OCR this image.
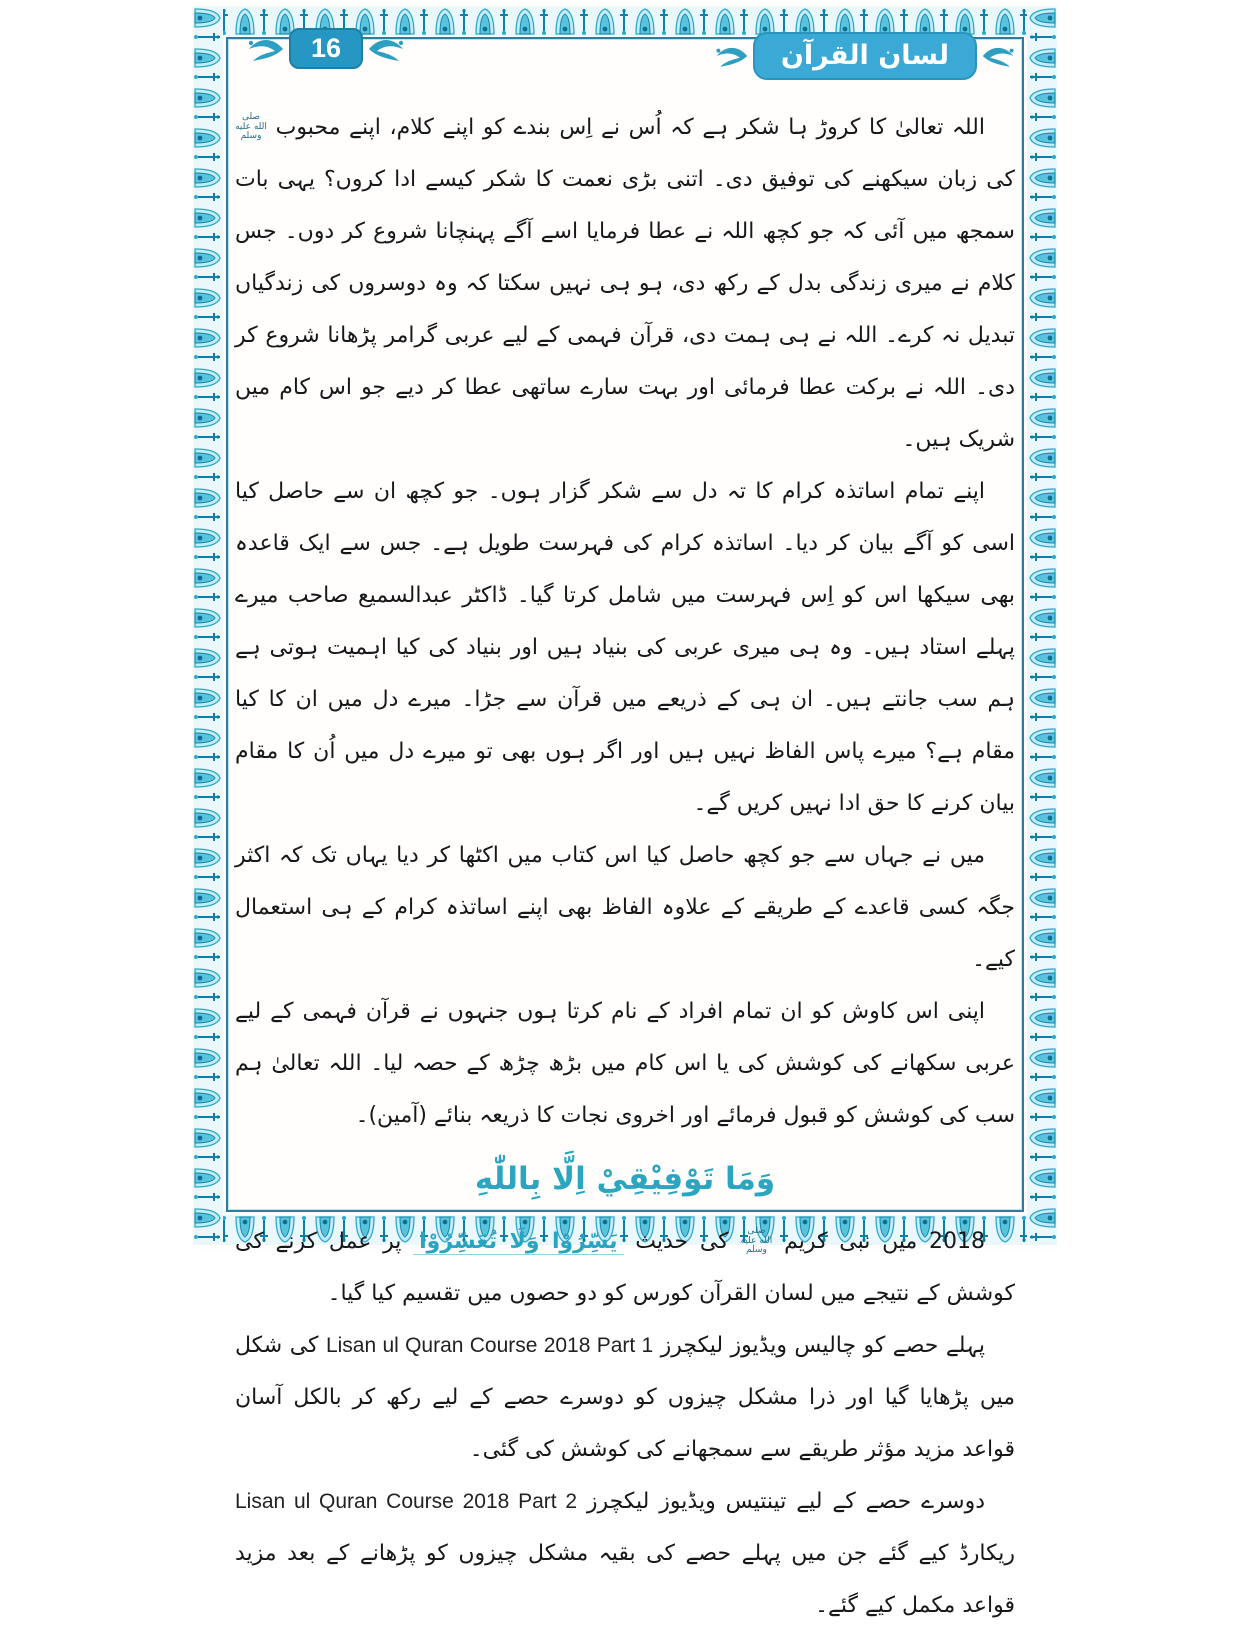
16	لسان القرآن

اللہ تعالیٰ کا کروڑ ہا شکر ہے کہ اُس نے اِس بندے کو اپنے کلام، اپنے محبوب صلى الله عليه وسلم کی زبان سیکھنے کی توفیق دی۔ اتنی بڑی نعمت کا شکر کیسے ادا کروں؟ یہی بات سمجھ میں آئی کہ جو کچھ اللہ نے عطا فرمایا اسے آگے پہنچانا شروع کر دوں۔ جس کلام نے میری زندگی بدل کے رکھ دی، ہو ہی نہیں سکتا کہ وہ دوسروں کی زندگیاں تبدیل نہ کرے۔ اللہ نے ہی ہمت دی، قرآن فہمی کے لیے عربی گرامر پڑھانا شروع کر دی۔ اللہ نے برکت عطا فرمائی اور بہت سارے ساتھی عطا کر دیے جو اس کام میں شریک ہیں۔

اپنے تمام اساتذہ کرام کا تہ دل سے شکر گزار ہوں۔ جو کچھ ان سے حاصل کیا اسی کو آگے بیان کر دیا۔ اساتذہ کرام کی فہرست طویل ہے۔ جس سے ایک قاعدہ بھی سیکھا اس کو اِس فہرست میں شامل کرتا گیا۔ ڈاکٹر عبدالسمیع صاحب میرے پہلے استاد ہیں۔ وہ ہی میری عربی کی بنیاد ہیں اور بنیاد کی کیا اہمیت ہوتی ہے ہم سب جانتے ہیں۔ ان ہی کے ذریعے میں قرآن سے جڑا۔ میرے دل میں ان کا کیا مقام ہے؟ میرے پاس الفاظ نہیں ہیں اور اگر ہوں بھی تو میرے دل میں اُن کا مقام بیان کرنے کا حق ادا نہیں کریں گے۔

میں نے جہاں سے جو کچھ حاصل کیا اس کتاب میں اکٹھا کر دیا یہاں تک کہ اکثر جگہ کسی قاعدے کے طریقے کے علاوہ الفاظ بھی اپنے اساتذہ کرام کے ہی استعمال کیے۔

اپنی اس کاوش کو ان تمام افراد کے نام کرتا ہوں جنہوں نے قرآن فہمی کے لیے عربی سکھانے کی کوشش کی یا اس کام میں بڑھ چڑھ کے حصہ لیا۔ اللہ تعالیٰ ہم سب کی کوشش کو قبول فرمائے اور اخروی نجات کا ذریعہ بنائے (آمین)۔

وَمَا تَوْفِيْقِيْ اِلَّا بِاللّٰهِ

2018 میں نبی کریم صلى الله عليه وسلم کی حدیث يَسِّرُوْا وَلَا تُعَسِّرُوْا پر عمل کرنے کی کوشش کے نتیجے میں لسان القرآن کورس کو دو حصوں میں تقسیم کیا گیا۔

پہلے حصے کو چالیس ویڈیوز لیکچرز Lisan ul Quran Course 2018 Part 1 کی شکل میں پڑھایا گیا اور ذرا مشکل چیزوں کو دوسرے حصے کے لیے رکھ کر بالکل آسان قواعد مزید مؤثر طریقے سے سمجھانے کی کوشش کی گئی۔

دوسرے حصے کے لیے تینتیس ویڈیوز لیکچرز Lisan ul Quran Course 2018 Part 2 ریکارڈ کیے گئے جن میں پہلے حصے کی بقیہ مشکل چیزوں کو پڑھانے کے بعد مزید قواعد مکمل کیے گئے۔
